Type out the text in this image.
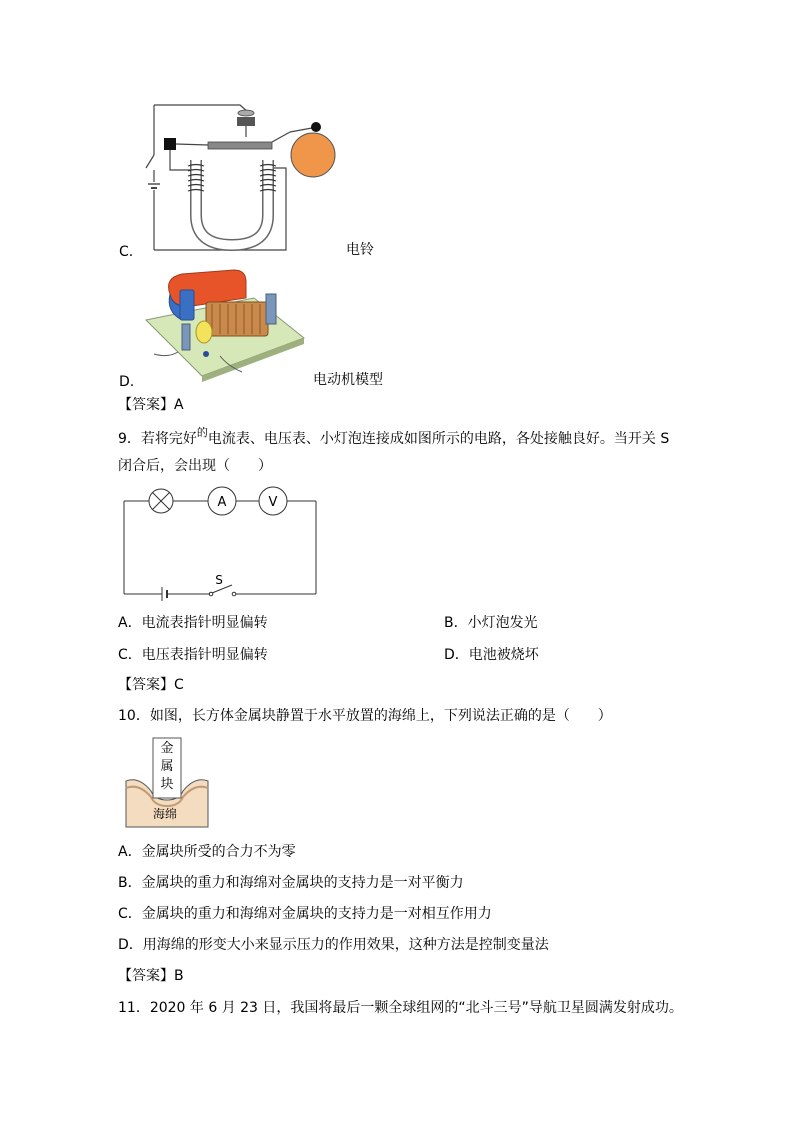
C.	电铃
D.	电动机模型
【答案】A
9．若将完好$^的$电流表、电压表、小灯泡连接成如图所示的电路，各处接触良好。当开关 S
闭合后，会出现（　　）
A	V
S
A．电流表指针明显偏转	B．小灯泡发光
C．电压表指针明显偏转	D．电池被烧坏
【答案】C
10．如图，长方体金属块静置于水平放置的海绵上，下列说法正确的是（　　）
金
属
块
海绵
A．金属块所受的合力不为零
B．金属块的重力和海绵对金属块的支持力是一对平衡力
C．金属块的重力和海绵对金属块的支持力是一对相互作用力
D．用海绵的形变大小来显示压力的作用效果，这种方法是控制变量法
【答案】B
11．2020 年 6 月 23 日，我国将最后一颗全球组网的“北斗三号”导航卫星圆满发射成功。
